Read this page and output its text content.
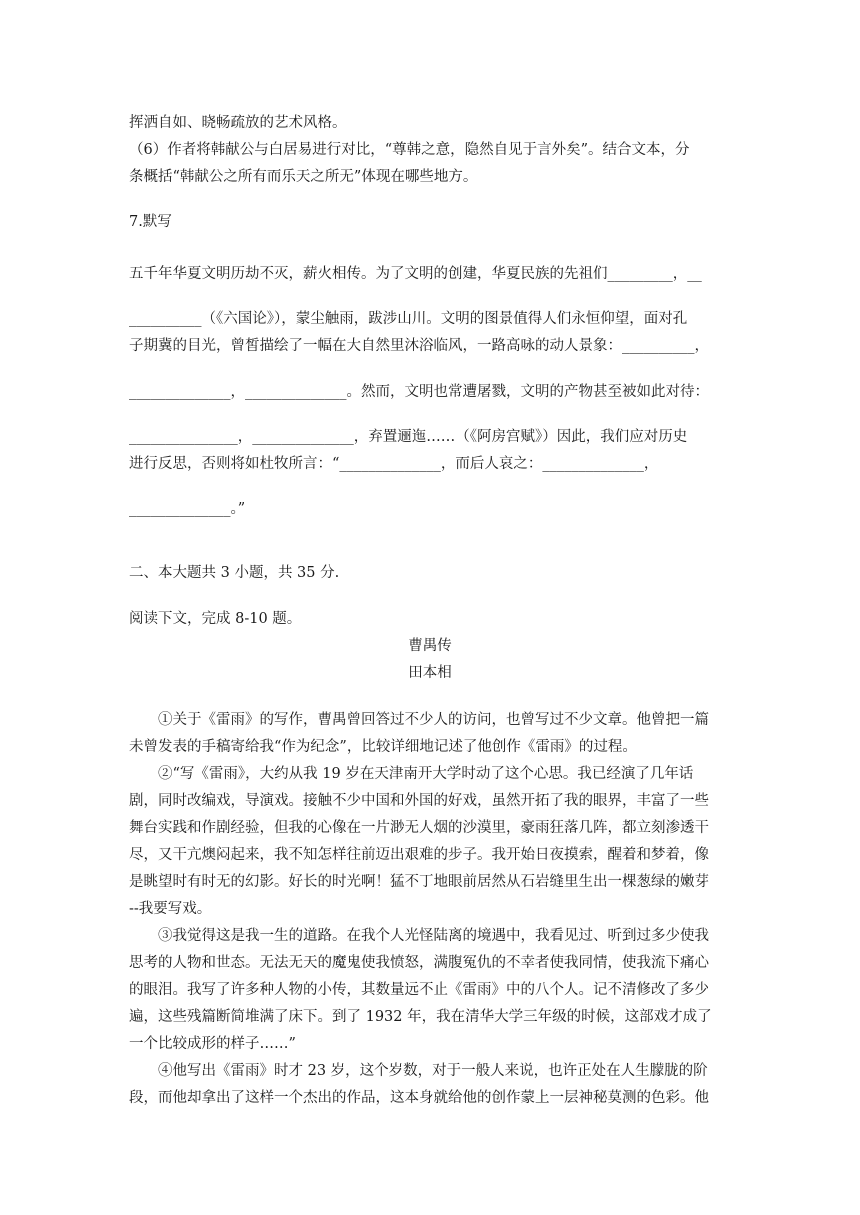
挥洒自如、晓畅疏放的艺术风格。
（6）作者将韩献公与白居易进行对比，“尊韩之意，隐然自见于言外矣”。结合文本，分
条概括“韩献公之所有而乐天之所无”体现在哪些地方。
7.默写
五千年华夏文明历劫不灭，薪火相传。为了文明的创建，华夏民族的先祖们_________，__
__________（《六国论》），蒙尘触雨，跋涉山川。文明的图景值得人们永恒仰望，面对孔
子期冀的目光，曾皙描绘了一幅在大自然里沐浴临风，一路高咏的动人景象：__________，
______________，______________。然而，文明也常遭屠戮，文明的产物甚至被如此对待：
_______________，______________，弃置逦迤……（《阿房宫赋》）因此，我们应对历史
进行反思，否则将如杜牧所言：“______________，而后人哀之：______________，
______________。”
二、本大题共 3 小题，共 35 分.
阅读下文，完成 8-10 题。
曹禺传
田本相
　　①关于《雷雨》的写作，曹禺曾回答过不少人的访问，也曾写过不少文章。他曾把一篇
未曾发表的手稿寄给我“作为纪念”，比较详细地记述了他创作《雷雨》的过程。
　　②“写《雷雨》，大约从我 19 岁在天津南开大学时动了这个心思。我已经演了几年话
剧，同时改编戏，导演戏。接触不少中国和外国的好戏，虽然开拓了我的眼界，丰富了一些
舞台实践和作剧经验，但我的心像在一片渺无人烟的沙漠里，豪雨狂落几阵，都立刻渗透干
尽，又干亢燠闷起来，我不知怎样往前迈出艰难的步子。我开始日夜摸索，醒着和梦着，像
是眺望时有时无的幻影。好长的时光啊！猛不丁地眼前居然从石岩缝里生出一棵葱绿的嫩芽
--我要写戏。
　　③我觉得这是我一生的道路。在我个人光怪陆离的境遇中，我看见过、听到过多少使我
思考的人物和世态。无法无天的魔鬼使我愤怒，满腹冤仇的不幸者使我同情，使我流下痛心
的眼泪。我写了许多种人物的小传，其数量远不止《雷雨》中的八个人。记不清修改了多少
遍，这些残篇断简堆满了床下。到了 1932 年，我在清华大学三年级的时候，这部戏才成了
一个比较成形的样子……”
　　④他写出《雷雨》时才 23 岁，这个岁数，对于一般人来说，也许正处在人生朦胧的阶
段，而他却拿出了这样一个杰出的作品，这本身就给他的创作蒙上一层神秘莫测的色彩。他
